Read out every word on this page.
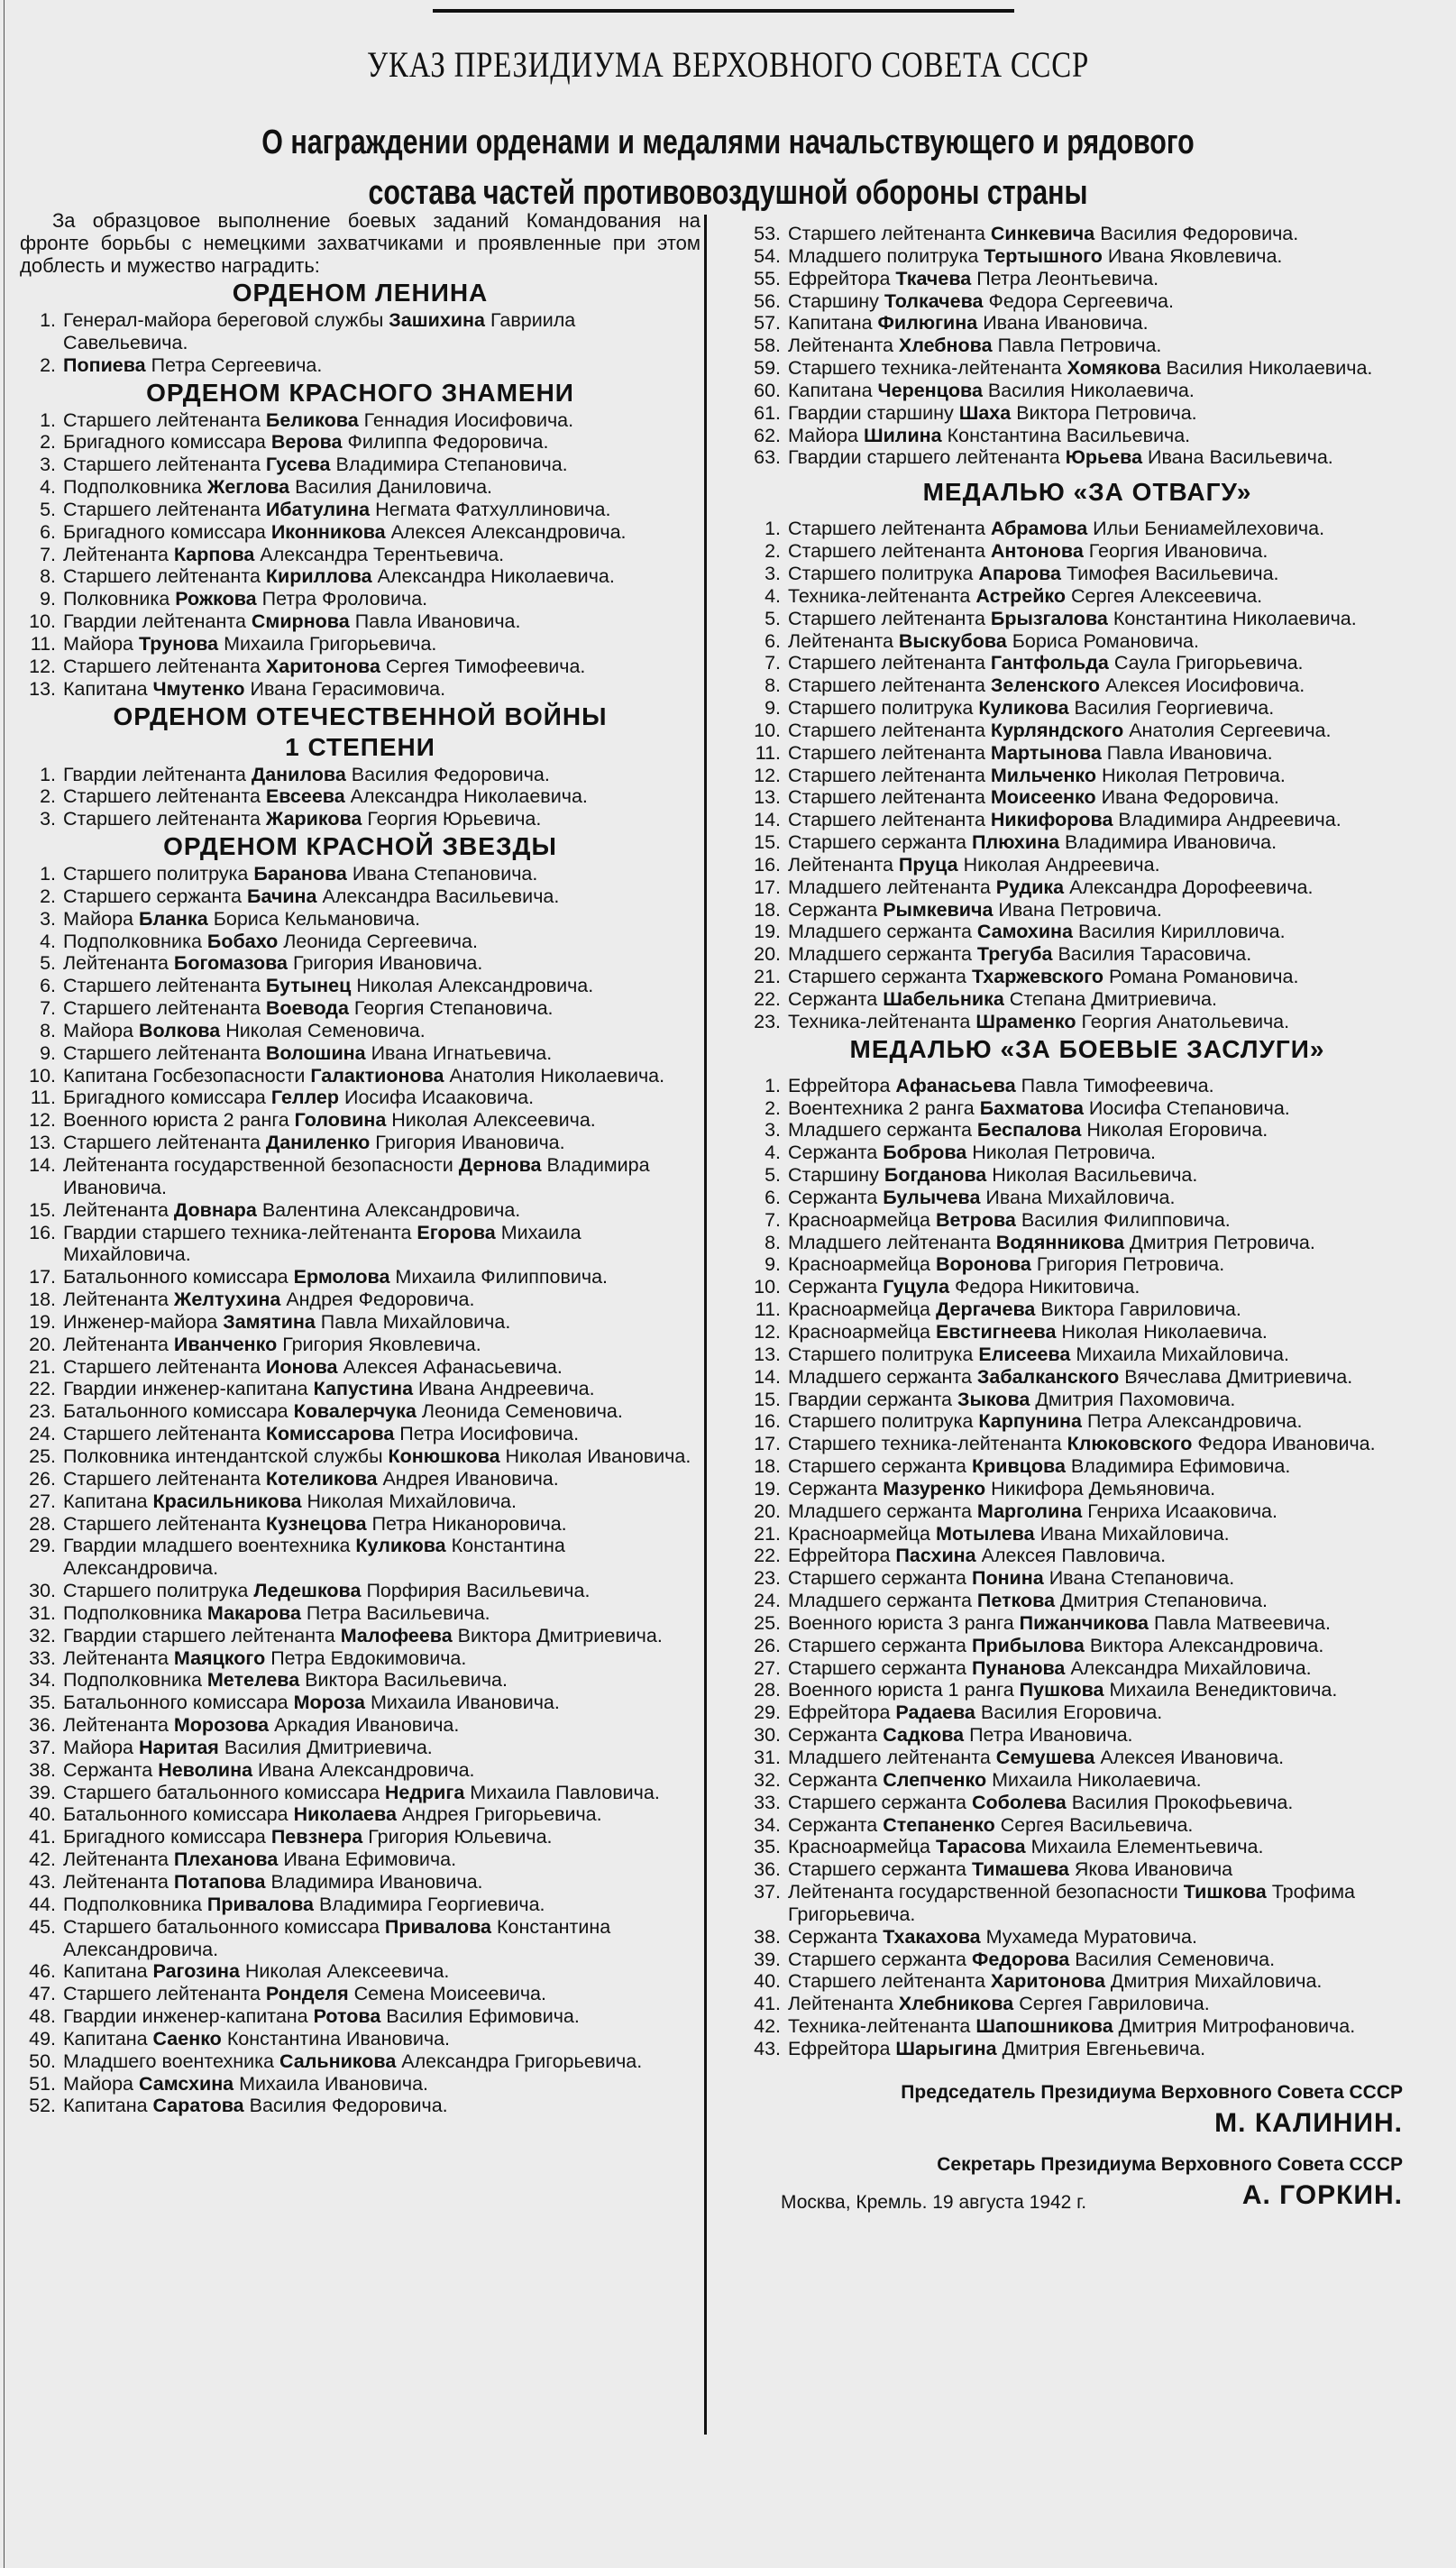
УКАЗ ПРЕЗИДИУМА ВЕРХОВНОГО СОВЕТА СССР
О награждении орденами и медалями начальствующего и рядового
состава частей противовоздушной обороны страны

За образцовое выполнение боевых заданий Командования на фронте борьбы с немецкими захватчиками и проявленные при этом доблесть и мужество наградить:

ОРДЕНОМ ЛЕНИНА
1. Генерал-майора береговой службы Зашихина Гавриила Савельевича.
2. Попиева Петра Сергеевича.
ОРДЕНОМ КРАСНОГО ЗНАМЕНИ
1. Старшего лейтенанта Беликова Геннадия Иосифовича.
2. Бригадного комиссара Верова Филиппа Федоровича.
3. Старшего лейтенанта Гусева Владимира Степановича.
4. Подполковника Жеглова Василия Даниловича.
5. Старшего лейтенанта Ибатулина Негмата Фатхуллиновича.
6. Бригадного комиссара Иконникова Алексея Александровича.
7. Лейтенанта Карпова Александра Терентьевича.
8. Старшего лейтенанта Кириллова Александра Николаевича.
9. Полковника Рожкова Петра Фроловича.
10. Гвардии лейтенанта Смирнова Павла Ивановича.
11. Майора Трунова Михаила Григорьевича.
12. Старшего лейтенанта Харитонова Сергея Тимофеевича.
13. Капитана Чмутенко Ивана Герасимовича.
ОРДЕНОМ ОТЕЧЕСТВЕННОЙ ВОЙНЫ
1 СТЕПЕНИ
1. Гвардии лейтенанта Данилова Василия Федоровича.
2. Старшего лейтенанта Евсеева Александра Николаевича.
3. Старшего лейтенанта Жарикова Георгия Юрьевича.
ОРДЕНОМ КРАСНОЙ ЗВЕЗДЫ
1. Старшего политрука Баранова Ивана Степановича.
2. Старшего сержанта Бачина Александра Васильевича.
3. Майора Бланка Бориса Кельмановича.
4. Подполковника Бобахо Леонида Сергеевича.
5. Лейтенанта Богомазова Григория Ивановича.
6. Старшего лейтенанта Бутынец Николая Александровича.
7. Старшего лейтенанта Воевода Георгия Степановича.
8. Майора Волкова Николая Семеновича.
9. Старшего лейтенанта Волошина Ивана Игнатьевича.
10. Капитана Госбезопасности Галактионова Анатолия Николаевича.
11. Бригадного комиссара Геллер Иосифа Исааковича.
12. Военного юриста 2 ранга Головина Николая Алексеевича.
13. Старшего лейтенанта Даниленко Григория Ивановича.
14. Лейтенанта государственной безопасности Дернова Владимира Ивановича.
15. Лейтенанта Довнара Валентина Александровича.
16. Гвардии старшего техника-лейтенанта Егорова Михаила Михайловича.
17. Батальонного комиссара Ермолова Михаила Филипповича.
18. Лейтенанта Желтухина Андрея Федоровича.
19. Инженер-майора Замятина Павла Михайловича.
20. Лейтенанта Иванченко Григория Яковлевича.
21. Старшего лейтенанта Ионова Алексея Афанасьевича.
22. Гвардии инженер-капитана Капустина Ивана Андреевича.
23. Батальонного комиссара Ковалерчука Леонида Семеновича.
24. Старшего лейтенанта Комиссарова Петра Иосифовича.
25. Полковника интендантской службы Конюшкова Николая Ивановича.
26. Старшего лейтенанта Котеликова Андрея Ивановича.
27. Капитана Красильникова Николая Михайловича.
28. Старшего лейтенанта Кузнецова Петра Никаноровича.
29. Гвардии младшего воентехника Куликова Константина Александровича.
30. Старшего политрука Ледешкова Порфирия Васильевича.
31. Подполковника Макарова Петра Васильевича.
32. Гвардии старшего лейтенанта Малофеева Виктора Дмитриевича.
33. Лейтенанта Маяцкого Петра Евдокимовича.
34. Подполковника Метелева Виктора Васильевича.
35. Батальонного комиссара Мороза Михаила Ивановича.
36. Лейтенанта Морозова Аркадия Ивановича.
37. Майора Наритая Василия Дмитриевича.
38. Сержанта Неволина Ивана Александровича.
39. Старшего батальонного комиссара Недрига Михаила Павловича.
40. Батальонного комиссара Николаева Андрея Григорьевича.
41. Бригадного комиссара Певзнера Григория Юльевича.
42. Лейтенанта Плеханова Ивана Ефимовича.
43. Лейтенанта Потапова Владимира Ивановича.
44. Подполковника Привалова Владимира Георгиевича.
45. Старшего батальонного комиссара Привалова Константина Александровича.
46. Капитана Рагозина Николая Алексеевича.
47. Старшего лейтенанта Ронделя Семена Моисеевича.
48. Гвардии инженер-капитана Ротова Василия Ефимовича.
49. Капитана Саенко Константина Ивановича.
50. Младшего воентехника Сальникова Александра Григорьевича.
51. Майора Самсхина Михаила Ивановича.
52. Капитана Саратова Василия Федоровича.
53. Старшего лейтенанта Синкевича Василия Федоровича.
54. Младшего политрука Тертышного Ивана Яковлевича.
55. Ефрейтора Ткачева Петра Леонтьевича.
56. Старшину Толкачева Федора Сергеевича.
57. Капитана Филюгина Ивана Ивановича.
58. Лейтенанта Хлебнова Павла Петровича.
59. Старшего техника-лейтенанта Хомякова Василия Николаевича.
60. Капитана Черенцова Василия Николаевича.
61. Гвардии старшину Шаха Виктора Петровича.
62. Майора Шилина Константина Васильевича.
63. Гвардии старшего лейтенанта Юрьева Ивана Васильевича.
МЕДАЛЬЮ «ЗА ОТВАГУ»
1. Старшего лейтенанта Абрамова Ильи Бениамейлеховича.
2. Старшего лейтенанта Антонова Георгия Ивановича.
3. Старшего политрука Апарова Тимофея Васильевича.
4. Техника-лейтенанта Астрейко Сергея Алексеевича.
5. Старшего лейтенанта Брызгалова Константина Николаевича.
6. Лейтенанта Выскубова Бориса Романовича.
7. Старшего лейтенанта Гантфольда Саула Григорьевича.
8. Старшего лейтенанта Зеленского Алексея Иосифовича.
9. Старшего политрука Куликова Василия Георгиевича.
10. Старшего лейтенанта Курляндского Анатолия Сергеевича.
11. Старшего лейтенанта Мартынова Павла Ивановича.
12. Старшего лейтенанта Мильченко Николая Петровича.
13. Старшего лейтенанта Моисеенко Ивана Федоровича.
14. Старшего лейтенанта Никифорова Владимира Андреевича.
15. Старшего сержанта Плюхина Владимира Ивановича.
16. Лейтенанта Пруца Николая Андреевича.
17. Младшего лейтенанта Рудика Александра Дорофеевича.
18. Сержанта Рымкевича Ивана Петровича.
19. Младшего сержанта Самохина Василия Кирилловича.
20. Младшего сержанта Трегуба Василия Тарасовича.
21. Старшего сержанта Тхаржевского Романа Романовича.
22. Сержанта Шабельника Степана Дмитриевича.
23. Техника-лейтенанта Шраменко Георгия Анатольевича.
МЕДАЛЬЮ «ЗА БОЕВЫЕ ЗАСЛУГИ»
1. Ефрейтора Афанасьева Павла Тимофеевича.
2. Воентехника 2 ранга Бахматова Иосифа Степановича.
3. Младшего сержанта Беспалова Николая Егоровича.
4. Сержанта Боброва Николая Петровича.
5. Старшину Богданова Николая Васильевича.
6. Сержанта Булычева Ивана Михайловича.
7. Красноармейца Ветрова Василия Филипповича.
8. Младшего лейтенанта Водянникова Дмитрия Петровича.
9. Красноармейца Воронова Григория Петровича.
10. Сержанта Гуцула Федора Никитовича.
11. Красноармейца Дергачева Виктора Гавриловича.
12. Красноармейца Евстигнеева Николая Николаевича.
13. Старшего политрука Елисеева Михаила Михайловича.
14. Младшего сержанта Забалканского Вячеслава Дмитриевича.
15. Гвардии сержанта Зыкова Дмитрия Пахомовича.
16. Старшего политрука Карпунина Петра Александровича.
17. Старшего техника-лейтенанта Клюковского Федора Ивановича.
18. Старшего сержанта Кривцова Владимира Ефимовича.
19. Сержанта Мазуренко Никифора Демьяновича.
20. Младшего сержанта Марголина Генриха Исааковича.
21. Красноармейца Мотылева Ивана Михайловича.
22. Ефрейтора Пасхина Алексея Павловича.
23. Старшего сержанта Понина Ивана Степановича.
24. Младшего сержанта Петкова Дмитрия Степановича.
25. Военного юриста 3 ранга Пижанчикова Павла Матвеевича.
26. Старшего сержанта Прибылова Виктора Александровича.
27. Старшего сержанта Пунанова Александра Михайловича.
28. Военного юриста 1 ранга Пушкова Михаила Венедиктовича.
29. Ефрейтора Радаева Василия Егоровича.
30. Сержанта Садкова Петра Ивановича.
31. Младшего лейтенанта Семушева Алексея Ивановича.
32. Сержанта Слепченко Михаила Николаевича.
33. Старшего сержанта Соболева Василия Прокофьевича.
34. Сержанта Степаненко Сергея Васильевича.
35. Красноармейца Тарасова Михаила Елементьевича.
36. Старшего сержанта Тимашева Якова Ивановича
37. Лейтенанта государственной безопасности Тишкова Трофима Григорьевича.
38. Сержанта Тхакахова Мухамеда Муратовича.
39. Старшего сержанта Федорова Василия Семеновича.
40. Старшего лейтенанта Харитонова Дмитрия Михайловича.
41. Лейтенанта Хлебникова Сергея Гавриловича.
42. Техника-лейтенанта Шапошникова Дмитрия Митрофановича.
43. Ефрейтора Шарыгина Дмитрия Евгеньевича.
Председатель Президиума Верховного Совета СССР
М. КАЛИНИН.
Секретарь Президиума Верховного Совета СССР
А. ГОРКИН.
Москва, Кремль. 19 августа 1942 г.
